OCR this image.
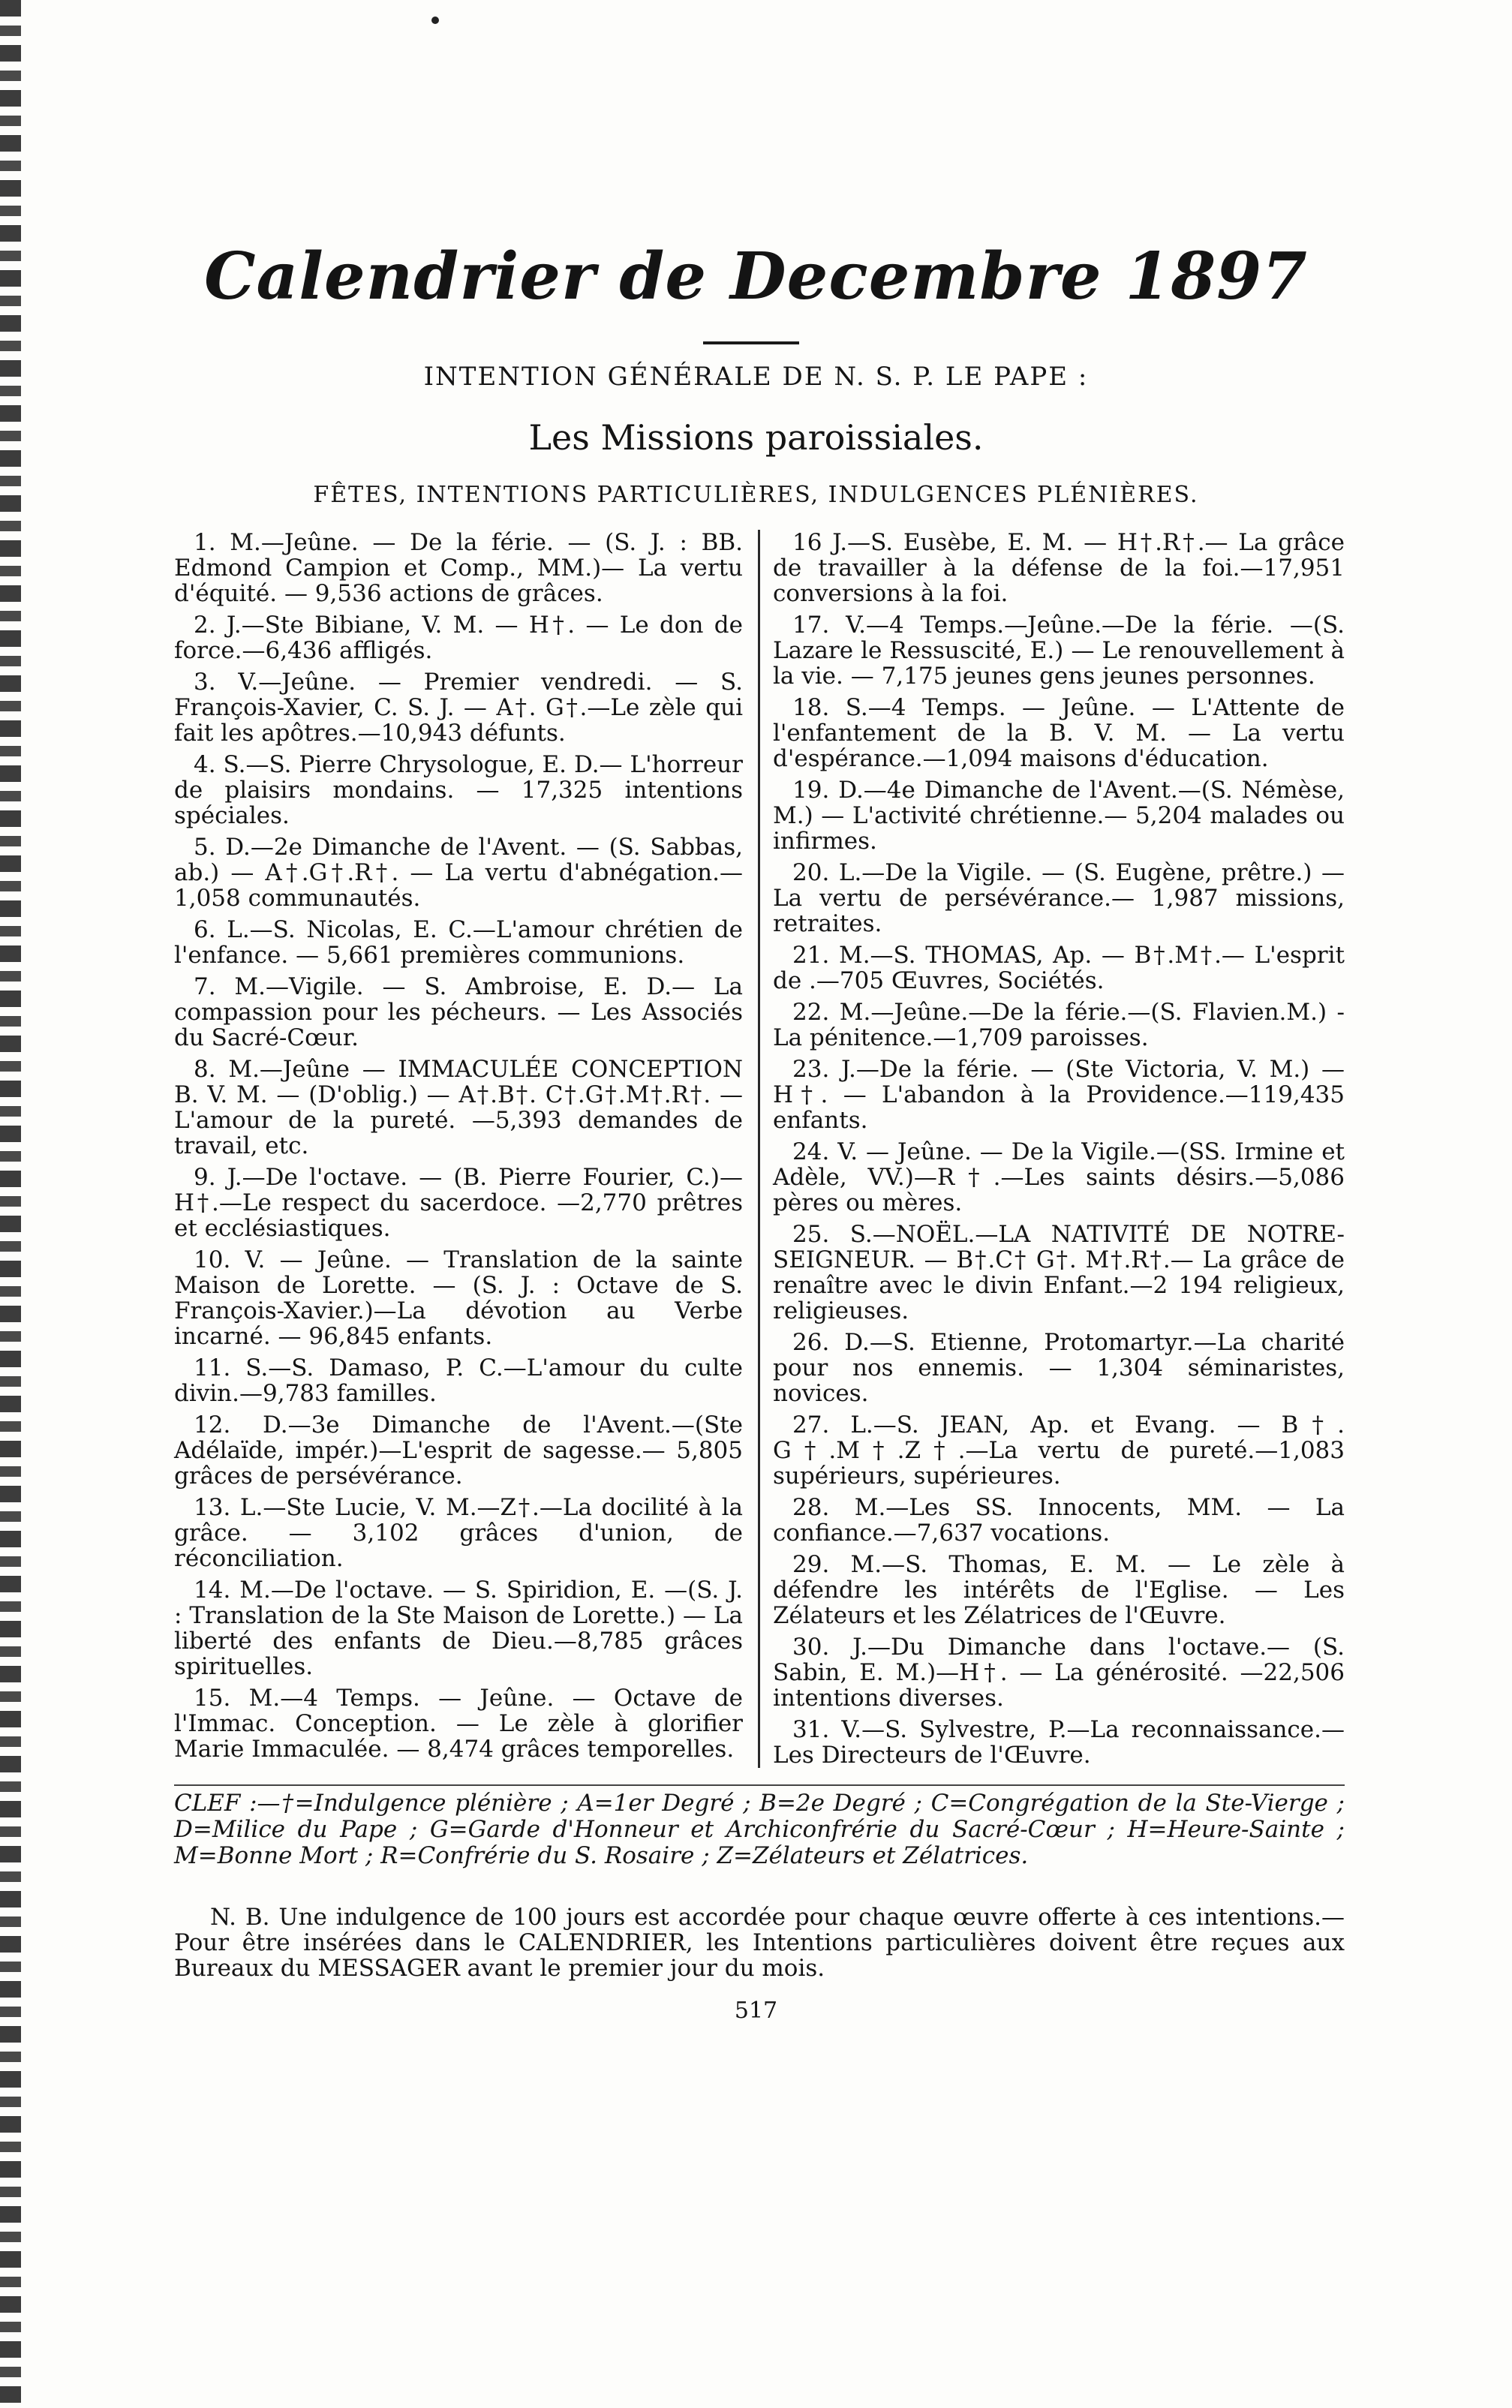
Calendrier de Decembre 1897
INTENTION GÉNÉRALE DE N. S. P. LE PAPE :
Les Missions paroissiales.
FÊTES, INTENTIONS PARTICULIÈRES, INDULGENCES PLÉNIÈRES.

1. M.—Jeûne. — De la férie. — (S. J. : BB. Edmond Campion et Comp., MM.)— La vertu d'équité. — 9,536 actions de grâces.

2. J.—Ste Bibiane, V. M. — H†. — Le don de force.—6,436 affligés.

3. V.—Jeûne. — Premier vendredi. — S. François-Xavier, C. S. J. — A†. G†.—Le zèle qui fait les apôtres.—10,943 défunts.

4. S.—S. Pierre Chrysologue, E. D.— L'horreur de plaisirs mondains. — 17,325 intentions spéciales.

5. D.—2e Dimanche de l'Avent. — (S. Sabbas, ab.) — A†.G†.R†. — La vertu d'abnégation.—1,058 communautés.

6. L.—S. Nicolas, E. C.—L'amour chrétien de l'enfance. — 5,661 premières communions.

7. M.—Vigile. — S. Ambroise, E. D.— La compassion pour les pécheurs. — Les Associés du Sacré-Cœur.

8. M.—Jeûne — IMMACULÉE CONCEPTION B. V. M. — (D'oblig.) — A†.B†. C†.G†.M†.R†. — L'amour de la pureté. —5,393 demandes de travail, etc.

9. J.—De l'octave. — (B. Pierre Fourier, C.)—H†.—Le respect du sacerdoce. —2,770 prêtres et ecclésiastiques.

10. V. — Jeûne. — Translation de la sainte Maison de Lorette. — (S. J. : Octave de S. François-Xavier.)—La dévotion au Verbe incarné. — 96,845 enfants.

11. S.—S. Damaso, P. C.—L'amour du culte divin.—9,783 familles.

12. D.—3e Dimanche de l'Avent.—(Ste Adélaïde, impér.)—L'esprit de sagesse.— 5,805 grâces de persévérance.

13. L.—Ste Lucie, V. M.—Z†.—La docilité à la grâce. — 3,102 grâces d'union, de réconciliation.

14. M.—De l'octave. — S. Spiridion, E. —(S. J. : Translation de la Ste Maison de Lorette.) — La liberté des enfants de Dieu.—8,785 grâces spirituelles.

15. M.—4 Temps. — Jeûne. — Octave de l'Immac. Conception. — Le zèle à glorifier Marie Immaculée. — 8,474 grâces temporelles.

16 J.—S. Eusèbe, E. M. — H†.R†.— La grâce de travailler à la défense de la foi.—17,951 conversions à la foi.

17. V.—4 Temps.—Jeûne.—De la férie. —(S. Lazare le Ressuscité, E.) — Le renouvellement à la vie. — 7,175 jeunes gens jeunes personnes.

18. S.—4 Temps. — Jeûne. — L'Attente de l'enfantement de la B. V. M. — La vertu d'espérance.—1,094 maisons d'éducation.

19. D.—4e Dimanche de l'Avent.—(S. Némèse, M.) — L'activité chrétienne.— 5,204 malades ou infirmes.

20. L.—De la Vigile. — (S. Eugène, prêtre.) — La vertu de persévérance.— 1,987 missions, retraites.

21. M.—S. THOMAS, Ap. — B†.M†.— L'esprit de .—705 Œuvres, Sociétés.

22. M.—Jeûne.—De la férie.—(S. Flavien.M.) - La pénitence.—1,709 paroisses.

23. J.—De la férie. — (Ste Victoria, V. M.) — H†. — L'abandon à la Providence.—119,435 enfants.

24. V. — Jeûne. — De la Vigile.—(SS. Irmine et Adèle, VV.)—R†.—Les saints désirs.—5,086 pères ou mères.

25. S.—NOËL.—LA NATIVITÉ DE NOTRE-SEIGNEUR. — B†.C† G†. M†.R†.— La grâce de renaître avec le divin Enfant.—2 194 religieux, religieuses.

26. D.—S. Etienne, Protomartyr.—La charité pour nos ennemis. — 1,304 séminaristes, novices.

27. L.—S. JEAN, Ap. et Evang. — B†. G†.M†.Z†.—La vertu de pureté.—1,083 supérieurs, supérieures.

28. M.—Les SS. Innocents, MM. — La confiance.—7,637 vocations.

29. M.—S. Thomas, E. M. — Le zèle à défendre les intérêts de l'Eglise. — Les Zélateurs et les Zélatrices de l'Œuvre.

30. J.—Du Dimanche dans l'octave.— (S. Sabin, E. M.)—H†. — La générosité. —22,506 intentions diverses.

31. V.—S. Sylvestre, P.—La reconnaissance.—Les Directeurs de l'Œuvre.

CLEF :—†=Indulgence plénière ; A=1er Degré ; B=2e Degré ; C=Congrégation de la Ste-Vierge ; D=Milice du Pape ; G=Garde d'Honneur et Archiconfrérie du Sacré-Cœur ; H=Heure-Sainte ; M=Bonne Mort ; R=Confrérie du S. Rosaire ; Z=Zélateurs et Zélatrices.
N. B. Une indulgence de 100 jours est accordée pour chaque œuvre offerte à ces intentions.—Pour être insérées dans le CALENDRIER, les Intentions particulières doivent être reçues aux Bureaux du MESSAGER avant le premier jour du mois.
517
